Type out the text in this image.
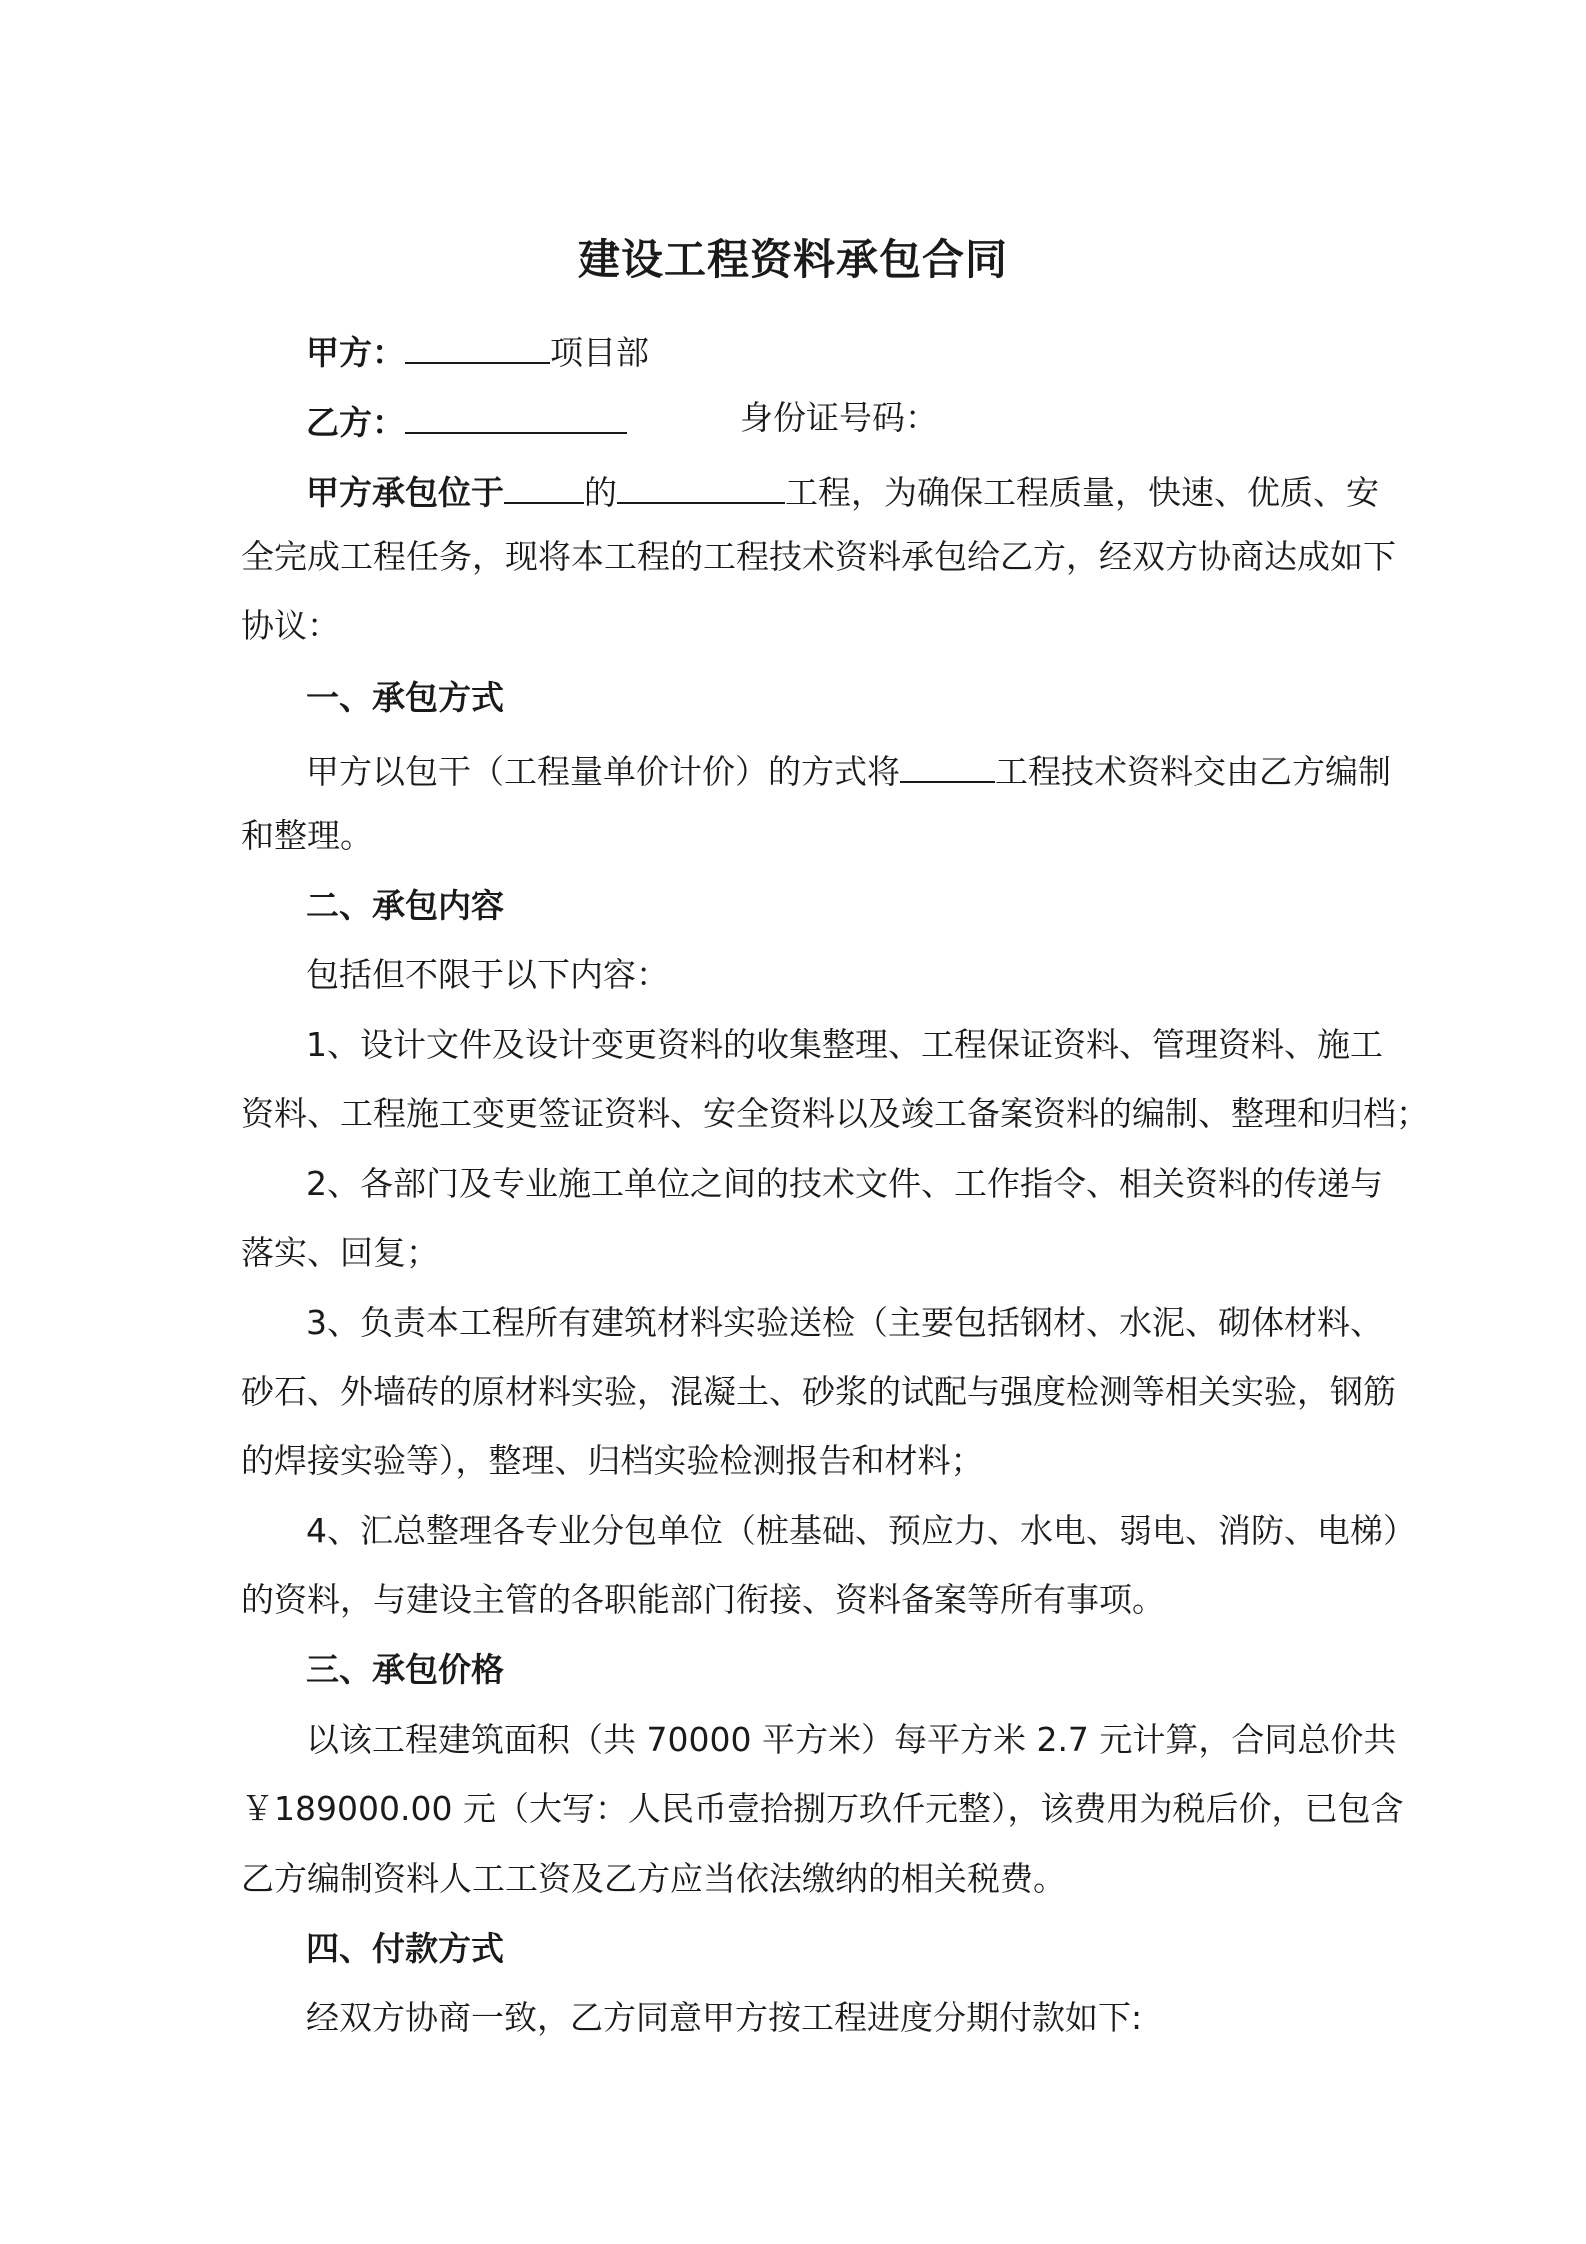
建设工程资料承包合同
甲方：	项目部
乙方：	身份证号码：
甲方承包位于 的	工程，为确保工程质量，快速、优质、安
全完成工程任务，现将本工程的工程技术资料承包给乙方，经双方协商达成如下
协议：
一、承包方式
甲方以包干（工程量单价计价）的方式将	工程技术资料交由乙方编制
和整理。
二、承包内容
包括但不限于以下内容：
1、设计文件及设计变更资料的收集整理、工程保证资料、管理资料、施工
资料、工程施工变更签证资料、安全资料以及竣工备案资料的编制、整理和归档；
2、各部门及专业施工单位之间的技术文件、工作指令、相关资料的传递与
落实、回复；
3、负责本工程所有建筑材料实验送检（主要包括钢材、水泥、砌体材料、
砂石、外墙砖的原材料实验，混凝土、砂浆的试配与强度检测等相关实验，钢筋
的焊接实验等），整理、归档实验检测报告和材料；
4、汇总整理各专业分包单位（桩基础、预应力、水电、弱电、消防、电梯）
的资料，与建设主管的各职能部门衔接、资料备案等所有事项。
三、承包价格
以该工程建筑面积（共 70000 平方米）每平方米 2.7 元计算，合同总价共
￥189000.00 元（大写：人民币壹拾捌万玖仟元整），该费用为税后价，已包含
乙方编制资料人工工资及乙方应当依法缴纳的相关税费。
四、付款方式
经双方协商一致，乙方同意甲方按工程进度分期付款如下:
